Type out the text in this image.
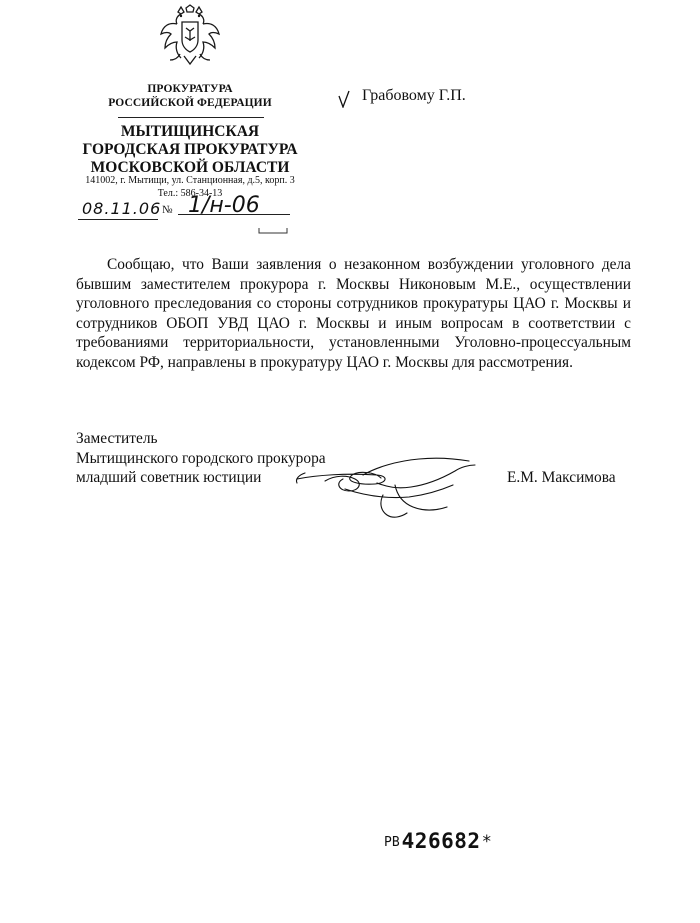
ПРОКУРАТУРА
РОССИЙСКОЙ ФЕДЕРАЦИИ
МЫТИЩИНСКАЯ
ГОРОДСКАЯ ПРОКУРАТУРА
МОСКОВСКОЙ ОБЛАСТИ
141002, г. Мытищи, ул. Станционная, д.5, корп. 3
Тел.: 586-34-13
08.11.06 № 1/н-06
Грабовому Г.П.
Сообщаю, что Ваши заявления о незаконном возбуждении уголовного дела бывшим заместителем прокурора г. Москвы Никоновым М.Е., осуществлении уголовного преследования со стороны сотрудников прокуратуры ЦАО г. Москвы и сотрудников ОБОП УВД ЦАО г. Москвы и иным вопросам в соответствии с требованиями территориальности, установленными Уголовно-процессуальным кодексом РФ, направлены в прокуратуру ЦАО г. Москвы для рассмотрения.
Заместитель
Мытищинского городского прокурора
младший советник юстиции	Е.М. Максимова
РВ426682 *
